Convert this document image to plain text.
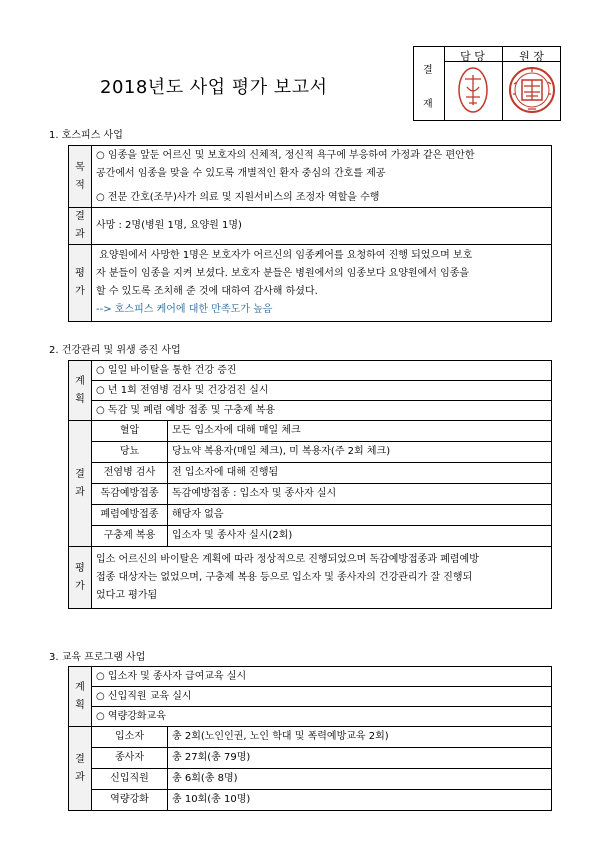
2018년도 사업 평가 보고서
결
재
담 당	원 장
1. 호스피스 사업
목적	○ 임종을 앞둔 어르신 및 보호자의 신체적, 정신적 욕구에 부응하여 가정과 같은 편안한
공간에서 임종을 맞을 수 있도록 개별적인 환자 중심의 간호를 제공
○ 전문 간호(조무)사가 의료 및 지원서비스의 조정자 역할을 수행

결과	사망 : 2명(병원 1명, 요양원 1명)
평가	요양원에서 사망한 1명은 보호자가 어르신의 임종케어를 요청하여 진행 되었으며 보호
자 분들이 임종을 지켜 보셨다. 보호자 분들은 병원에서의 임종보다 요양원에서 임종을
할 수 있도록 조치해 준 것에 대하여 감사해 하셨다.
--> 호스피스 케어에 대한 만족도가 높음
2. 건강관리 및 위생 증진 사업
계획	○ 일일 바이탈을 통한 건강 증진	
	○ 년 1회 전염병 검사 및 건강검진 실시	
	○ 독감 및 폐렴 예방 접종 및 구충제 복용	
결과	혈압	모든 입소자에 대해 매일 체크
	당뇨	당뇨약 복용자(매일 체크), 미 복용자(주 2회 체크)
	전염병 검사	전 입소자에 대해 진행됨
	독감예방접종	독감예방접종 : 입소자 및 종사자 실시
	폐렴예방접종	해당자 없음
	구충제 복용	입소자 및 종사자 실시(2회)
평가	입소 어르신의 바이탈은 계획에 따라 정상적으로 진행되었으며 독감예방접종과 폐렴예방
접종 대상자는 없었으며, 구충제 복용 등으로 입소자 및 종사자의 건강관리가 잘 진행되
었다고 평가됨	
3. 교육 프로그램 사업
계획	○ 입소자 및 종사자 급여교육 실시	
	○ 신입직원 교육 실시	
	○ 역량강화교육	
결과	입소자	총 2회(노인인권, 노인 학대 및 폭력예방교육 2회)
	종사자	총 27회(총 79명)
	신입직원	총 6회(총 8명)
	역량강화	총 10회(총 10명)
